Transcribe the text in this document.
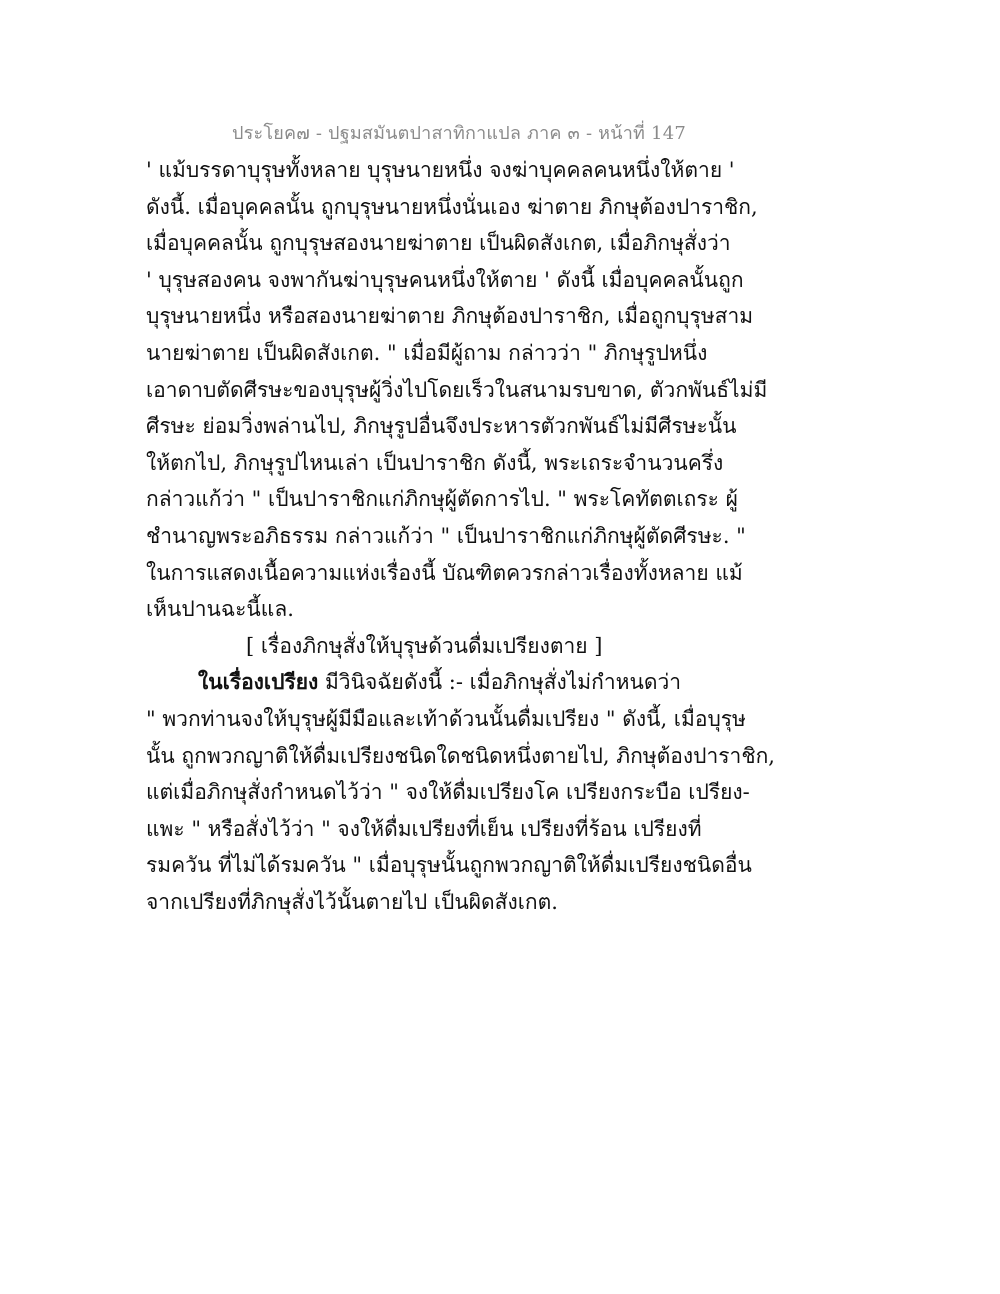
ประโยค๗ - ปฐมสมันตปาสาทิกาแปล ภาค ๓ - หน้าที่ 147
' แม้บรรดาบุรุษทั้งหลาย บุรุษนายหนึ่ง จงฆ่าบุคคลคนหนึ่งให้ตาย '
ดังนี้. เมื่อบุคคลนั้น ถูกบุรุษนายหนึ่งนั่นเอง ฆ่าตาย ภิกษุต้องปาราชิก,
เมื่อบุคคลนั้น ถูกบุรุษสองนายฆ่าตาย เป็นผิดสังเกต, เมื่อภิกษุสั่งว่า
' บุรุษสองคน จงพากันฆ่าบุรุษคนหนึ่งให้ตาย ' ดังนี้ เมื่อบุคคลนั้นถูก
บุรุษนายหนึ่ง หรือสองนายฆ่าตาย ภิกษุต้องปาราชิก, เมื่อถูกบุรุษสาม
นายฆ่าตาย เป็นผิดสังเกต. " เมื่อมีผู้ถาม กล่าวว่า " ภิกษุรูปหนึ่ง
เอาดาบตัดศีรษะของบุรุษผู้วิ่งไปโดยเร็วในสนามรบขาด, ตัวกพันธ์ไม่มี
ศีรษะ ย่อมวิ่งพล่านไป, ภิกษุรูปอื่นจึงประหารตัวกพันธ์ไม่มีศีรษะนั้น
ให้ตกไป, ภิกษุรูปไหนเล่า เป็นปาราชิก ดังนี้, พระเถระจำนวนครึ่ง
กล่าวแก้ว่า " เป็นปาราชิกแก่ภิกษุผู้ตัดการไป. " พระโคทัตตเถระ ผู้
ชำนาญพระอภิธรรม กล่าวแก้ว่า " เป็นปาราชิกแก่ภิกษุผู้ตัดศีรษะ. "
ในการแสดงเนื้อความแห่งเรื่องนี้ บัณฑิตควรกล่าวเรื่องทั้งหลาย แม้
เห็นปานฉะนี้แล.
[ เรื่องภิกษุสั่งให้บุรุษด้วนดื่มเปรียงตาย ]
ในเรื่องเปรียง มีวินิจฉัยดังนี้ :- เมื่อภิกษุสั่งไม่กำหนดว่า
" พวกท่านจงให้บุรุษผู้มีมือและเท้าด้วนนั้นดื่มเปรียง " ดังนี้, เมื่อบุรุษ
นั้น ถูกพวกญาติให้ดื่มเปรียงชนิดใดชนิดหนึ่งตายไป, ภิกษุต้องปาราชิก,
แต่เมื่อภิกษุสั่งกำหนดไว้ว่า " จงให้ดื่มเปรียงโค เปรียงกระบือ เปรียง-
แพะ " หรือสั่งไว้ว่า " จงให้ดื่มเปรียงที่เย็น เปรียงที่ร้อน เปรียงที่
รมควัน ที่ไม่ได้รมควัน " เมื่อบุรุษนั้นถูกพวกญาติให้ดื่มเปรียงชนิดอื่น
จากเปรียงที่ภิกษุสั่งไว้นั้นตายไป เป็นผิดสังเกต.
